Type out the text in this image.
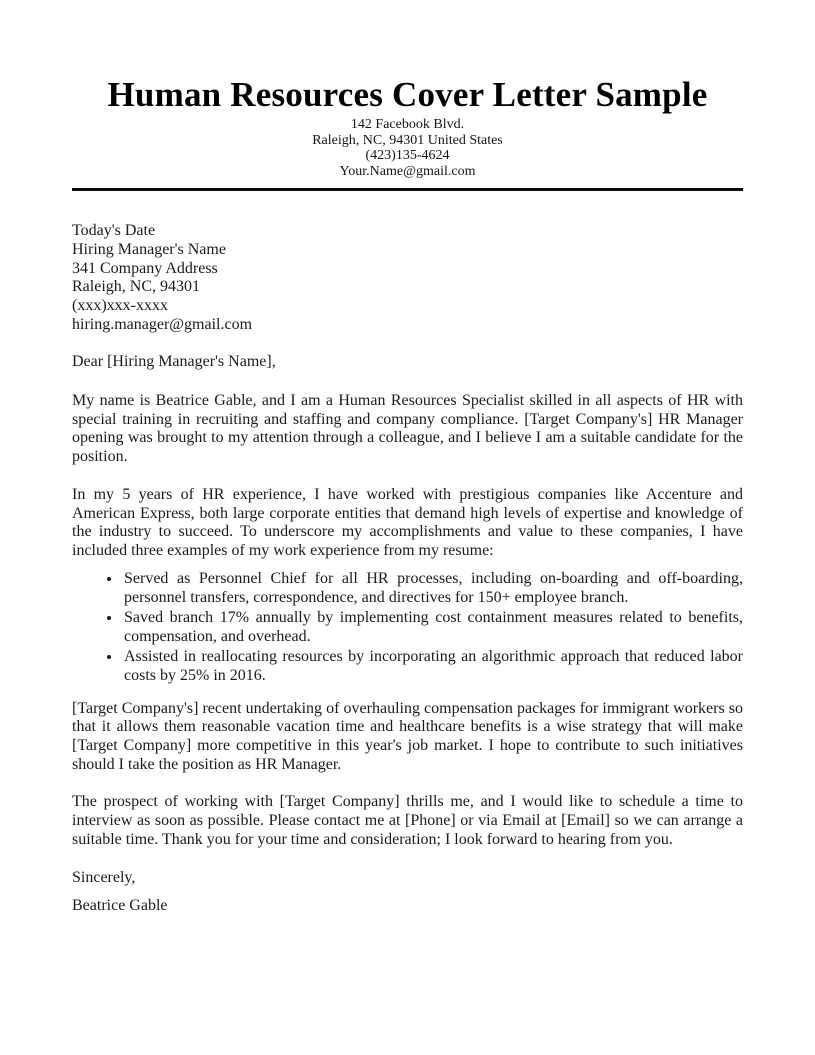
Human Resources Cover Letter Sample

142 Facebook Blvd.

Raleigh, NC, 94301 United States

(423)135-4624

Your.Name@gmail.com

Today's Date

Hiring Manager's Name

341 Company Address

Raleigh, NC, 94301

(xxx)xxx-xxxx

hiring.manager@gmail.com

Dear [Hiring Manager's Name],

My name is Beatrice Gable, and I am a Human Resources Specialist skilled in all aspects of HR with special training in recruiting and staffing and company compliance. [Target Company's] HR Manager opening was brought to my attention through a colleague, and I believe I am a suitable candidate for the position.

In my 5 years of HR experience, I have worked with prestigious companies like Accenture and American Express, both large corporate entities that demand high levels of expertise and knowledge of the industry to succeed. To underscore my accomplishments and value to these companies, I have included three examples of my work experience from my resume:

• Served as Personnel Chief for all HR processes, including on-boarding and off-boarding, personnel transfers, correspondence, and directives for 150+ employee branch.
• Saved branch 17% annually by implementing cost containment measures related to benefits, compensation, and overhead.
• Assisted in reallocating resources by incorporating an algorithmic approach that reduced labor costs by 25% in 2016.

[Target Company's] recent undertaking of overhauling compensation packages for immigrant workers so that it allows them reasonable vacation time and healthcare benefits is a wise strategy that will make [Target Company] more competitive in this year's job market. I hope to contribute to such initiatives should I take the position as HR Manager.

The prospect of working with [Target Company] thrills me, and I would like to schedule a time to interview as soon as possible. Please contact me at [Phone] or via Email at [Email] so we can arrange a suitable time. Thank you for your time and consideration; I look forward to hearing from you.

Sincerely,

Beatrice Gable
